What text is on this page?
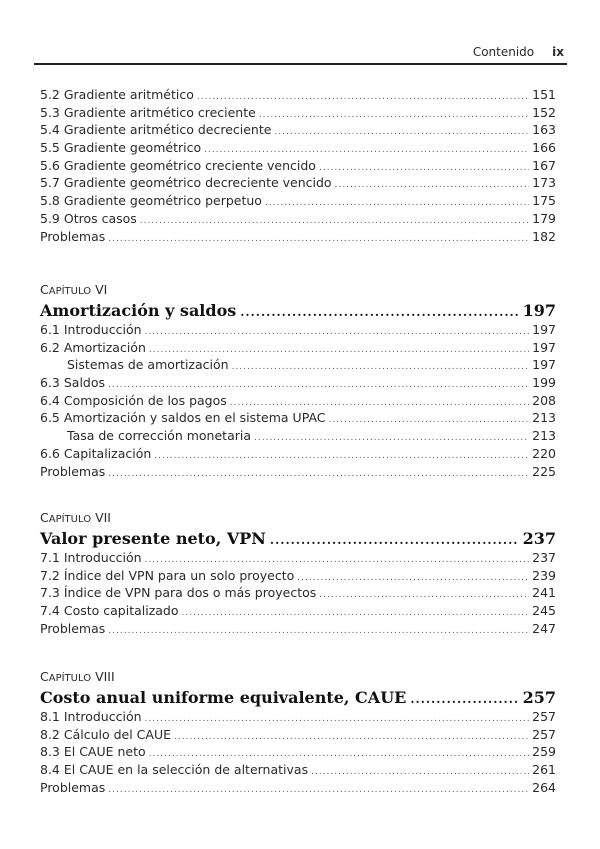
Contenido ix
5.2 Gradiente aritmético .....	151
5.3 Gradiente aritmético creciente .....	152
5.4 Gradiente aritmético decreciente .....	163
5.5 Gradiente geométrico .....	166
5.6 Gradiente geométrico creciente vencido .....	167
5.7 Gradiente geométrico decreciente vencido .....	173
5.8 Gradiente geométrico perpetuo .....	175
5.9 Otros casos .....	179
Problemas .....	182
CAPÍTULO VI
Amortización y saldos .....	197
6.1 Introducción .....	197
6.2 Amortización .....	197
Sistemas de amortización .....	197
6.3 Saldos .....	199
6.4 Composición de los pagos .....	208
6.5 Amortización y saldos en el sistema UPAC .....	213
Tasa de corrección monetaria .....	213
6.6 Capitalización .....	220
Problemas .....	225
CAPÍTULO VII
Valor presente neto, VPN .....	237
7.1 Introducción .....	237
7.2 Índice del VPN para un solo proyecto .....	239
7.3 Índice de VPN para dos o más proyectos .....	241
7.4 Costo capitalizado .....	245
Problemas .....	247
CAPÍTULO VIII
Costo anual uniforme equivalente, CAUE .....	257
8.1 Introducción .....	257
8.2 Cálculo del CAUE .....	257
8.3 El CAUE neto .....	259
8.4 El CAUE en la selección de alternativas .....	261
Problemas .....	264
